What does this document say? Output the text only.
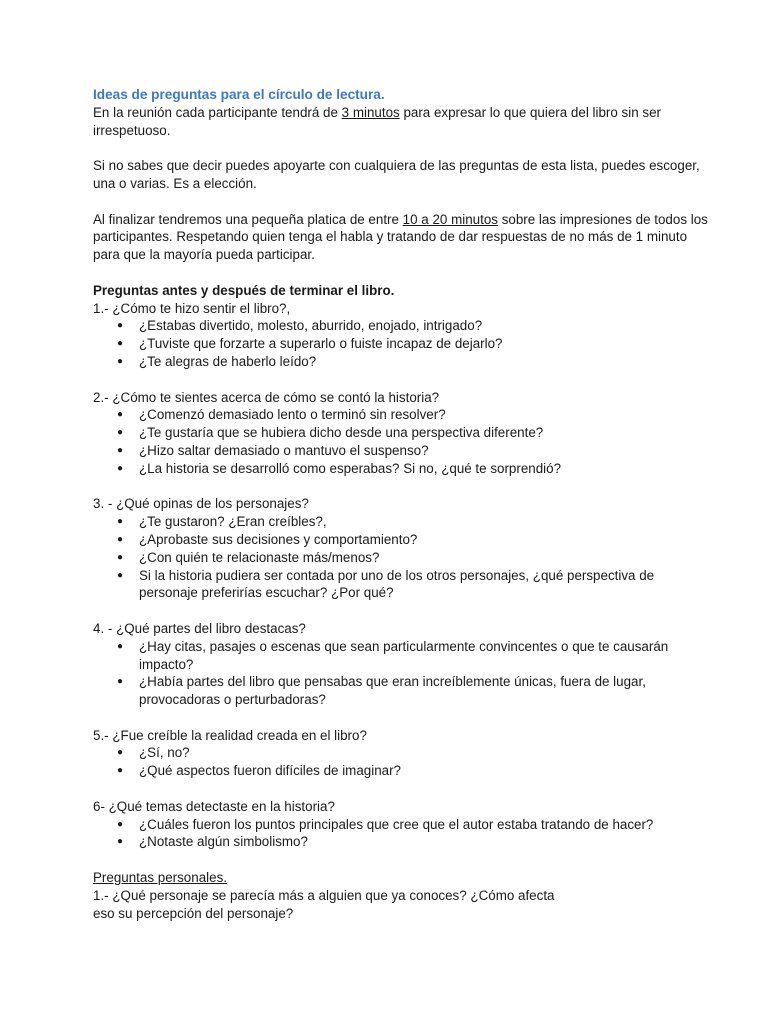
Ideas de preguntas para el círculo de lectura.

En la reunión cada participante tendrá de 3 minutos para expresar lo que quiera del libro sin ser irrespetuoso.

Si no sabes que decir puedes apoyarte con cualquiera de las preguntas de esta lista, puedes escoger, una o varias. Es a elección.

Al finalizar tendremos una pequeña platica de entre 10 a 20 minutos sobre las impresiones de todos los participantes. Respetando quien tenga el habla y tratando de dar respuestas de no más de 1 minuto para que la mayoría pueda participar.

Preguntas antes y después de terminar el libro.

1.- ¿Cómo te hizo sentir el libro?,

● ¿Estabas divertido, molesto, aburrido, enojado, intrigado?
● ¿Tuviste que forzarte a superarlo o fuiste incapaz de dejarlo?
● ¿Te alegras de haberlo leído?

2.- ¿Cómo te sientes acerca de cómo se contó la historia?

● ¿Comenzó demasiado lento o terminó sin resolver?
● ¿Te gustaría que se hubiera dicho desde una perspectiva diferente?
● ¿Hizo saltar demasiado o mantuvo el suspenso?
● ¿La historia se desarrolló como esperabas? Si no, ¿qué te sorprendió?

3. - ¿Qué opinas de los personajes?

● ¿Te gustaron? ¿Eran creíbles?,
● ¿Aprobaste sus decisiones y comportamiento?
● ¿Con quién te relacionaste más/menos?
● Si la historia pudiera ser contada por uno de los otros personajes, ¿qué perspectiva de personaje preferirías escuchar? ¿Por qué?

4. - ¿Qué partes del libro destacas?

● ¿Hay citas, pasajes o escenas que sean particularmente convincentes o que te causarán impacto?
● ¿Había partes del libro que pensabas que eran increíblemente únicas, fuera de lugar, provocadoras o perturbadoras?

5.- ¿Fue creíble la realidad creada en el libro?

● ¿Sí, no?
● ¿Qué aspectos fueron difíciles de imaginar?

6- ¿Qué temas detectaste en la historia?

● ¿Cuáles fueron los puntos principales que cree que el autor estaba tratando de hacer?
● ¿Notaste algún simbolismo?

Preguntas personales.

1.- ¿Qué personaje se parecía más a alguien que ya conoces? ¿Cómo afecta
eso su percepción del personaje?
